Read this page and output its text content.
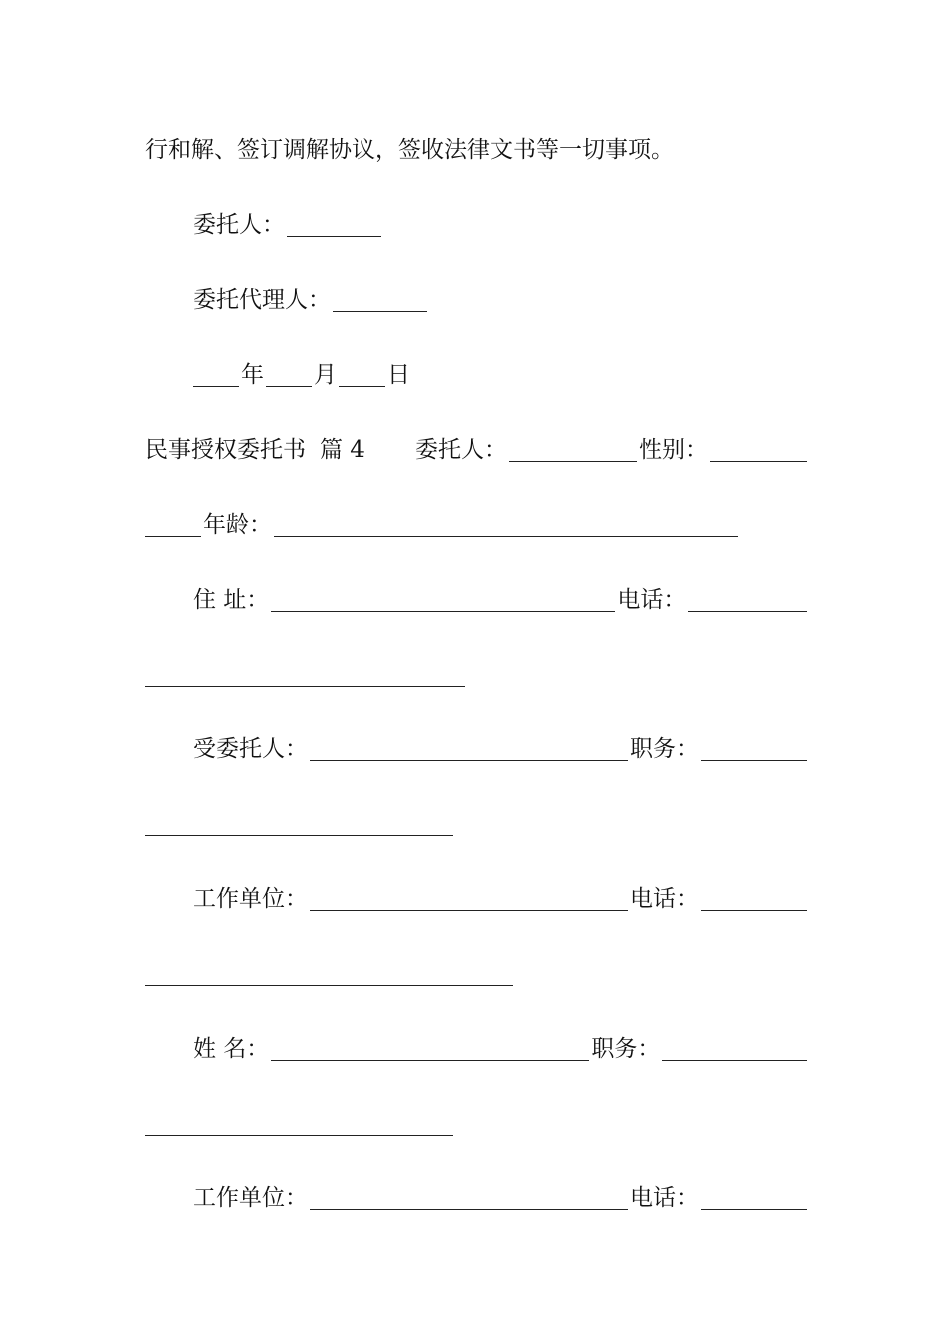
行和解、签订调解协议，签收法律文书等一切事项。
委托人：
委托代理人：
年 月 日
民事授权委托书 篇 4 委托人：	性别：
年龄：
住 址：	电话：
受委托人：	职务：
工作单位：	电话：
姓 名：	职务：
工作单位：	电话：
